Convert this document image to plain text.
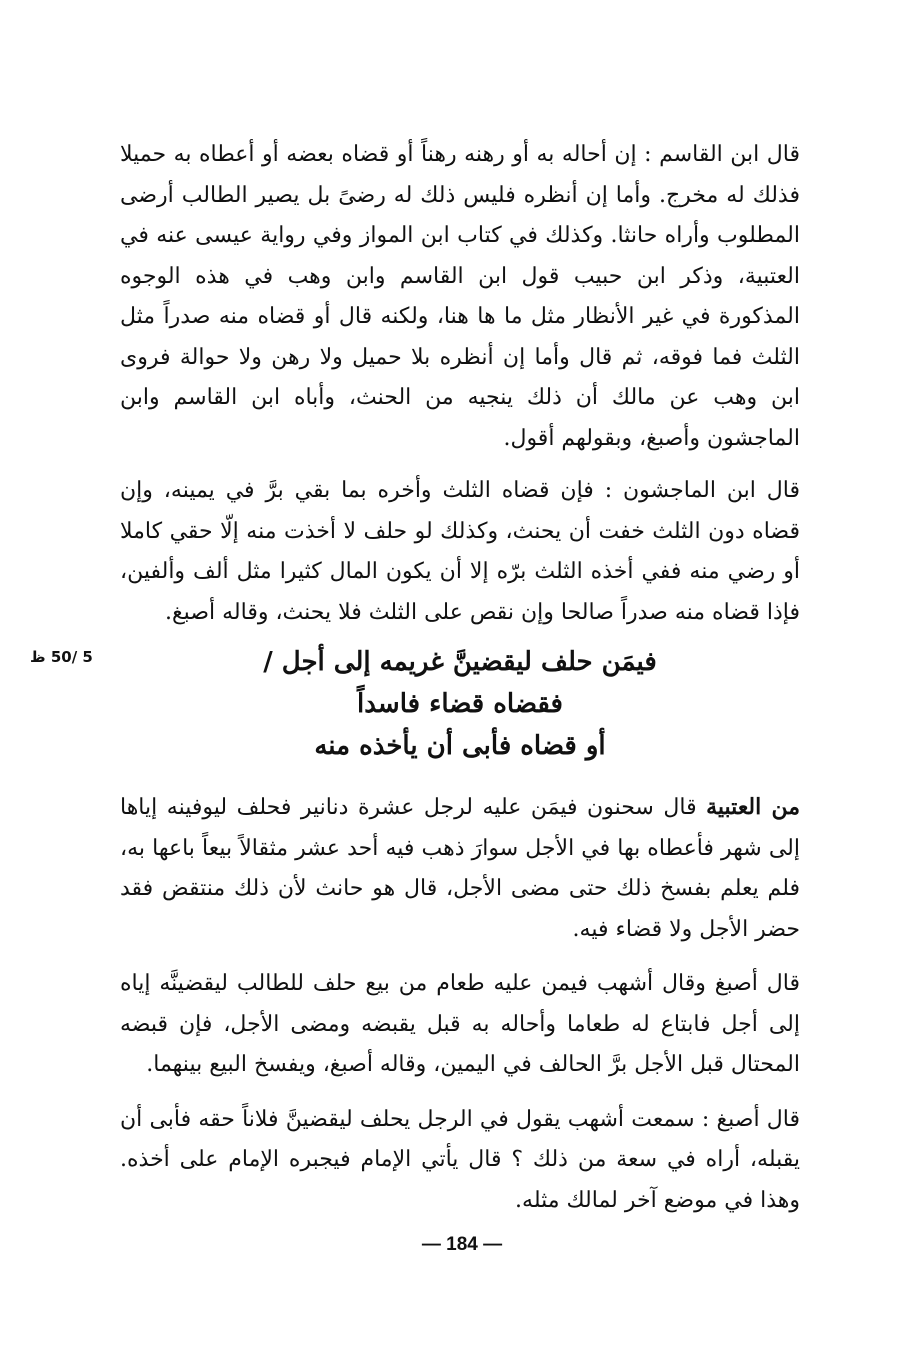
قال ابن القاسم : إن أحاله به أو رهنه رهناً أو قضاه بعضه أو أعطاه به حميلا فذلك له مخرج. وأما إن أنظره فليس ذلك له رضىً بل يصير الطالب أرضى المطلوب وأراه حانثا. وكذلك في كتاب ابن المواز وفي رواية عيسى عنه في العتبية، وذكر ابن حبيب قول ابن القاسم وابن وهب في هذه الوجوه المذكورة في غير الأنظار مثل ما ها هنا، ولكنه قال أو قضاه منه صدراً مثل الثلث فما فوقه، ثم قال وأما إن أنظره بلا حميل ولا رهن ولا حوالة فروى ابن وهب عن مالك أن ذلك ينجيه من الحنث، وأباه ابن القاسم وابن الماجشون وأصبغ، وبقولهم أقول.

قال ابن الماجشون : فإن قضاه الثلث وأخره بما بقي برَّ في يمينه، وإن قضاه دون الثلث خفت أن يحنث، وكذلك لو حلف لا أخذت منه إلّا حقي كاملا أو رضي منه ففي أخذه الثلث برّه إلا أن يكون المال كثيرا مثل ألف وألفين، فإذا قضاه منه صدراً صالحا وإن نقص على الثلث فلا يحنث، وقاله أصبغ.

فيمَن حلف ليقضينَّ غريمه إلى أجل /
فقضاه قضاء فاسداً
أو قضاه فأبى أن يأخذه منه

من العتبية قال سحنون فيمَن عليه لرجل عشرة دنانير فحلف ليوفينه إياها إلى شهر فأعطاه بها في الأجل سوارَ ذهب فيه أحد عشر مثقالاً بيعاً باعها به، فلم يعلم بفسخ ذلك حتى مضى الأجل، قال هو حانث لأن ذلك منتقض فقد حضر الأجل ولا قضاء فيه.

قال أصبغ وقال أشهب فيمن عليه طعام من بيع حلف للطالب ليقضينَّه إياه إلى أجل فابتاع له طعاما وأحاله به قبل يقبضه ومضى الأجل، فإن قبضه المحتال قبل الأجل برَّ الحالف في اليمين، وقاله أصبغ، ويفسخ البيع بينهما.

قال أصبغ : سمعت أشهب يقول في الرجل يحلف ليقضينَّ فلاناً حقه فأبى أن يقبله، أراه في سعة من ذلك ؟ قال يأتي الإمام فيجبره الإمام على أخذه. وهذا في موضع آخر لمالك مثله.

5 /50 ظ
— 184 —
